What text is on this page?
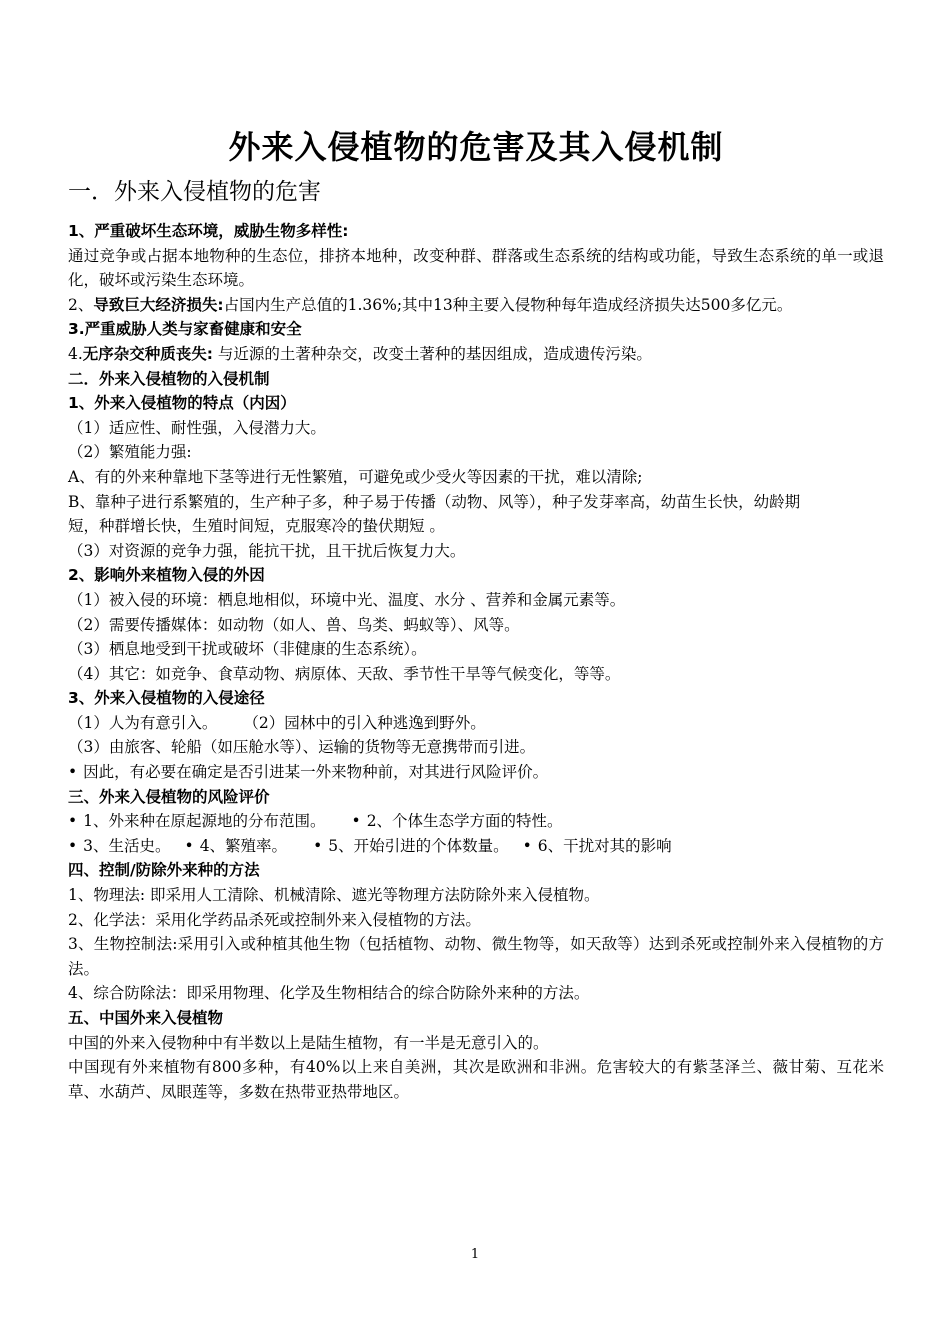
外来入侵植物的危害及其入侵机制
一．外来入侵植物的危害
1、严重破坏生态环境，威胁生物多样性:
通过竞争或占据本地物种的生态位，排挤本地种，改变种群、群落或生态系统的结构或功能，导致生态系统的单一或退化，破坏或污染生态环境。
2、导致巨大经济损失:占国内生产总值的1.36%;其中13种主要入侵物种每年造成经济损失达500多亿元。
3.严重威胁人类与家畜健康和安全
4.无序杂交种质丧失: 与近源的土著种杂交，改变土著种的基因组成，造成遗传污染。
二．外来入侵植物的入侵机制
1、外来入侵植物的特点（内因）
（1）适应性、耐性强，入侵潜力大。
（2）繁殖能力强:
A、有的外来种靠地下茎等进行无性繁殖，可避免或少受火等因素的干扰，难以清除;
B、靠种子进行系繁殖的，生产种子多，种子易于传播（动物、风等），种子发芽率高，幼苗生长快，幼龄期
短，种群增长快，生殖时间短，克服寒冷的蛰伏期短 。
（3）对资源的竞争力强，能抗干扰，且干扰后恢复力大。
2、影响外来植物入侵的外因
（1）被入侵的环境：栖息地相似，环境中光、温度、水分 、营养和金属元素等。
（2）需要传播媒体：如动物（如人、兽、鸟类、蚂蚁等）、风等。
（3）栖息地受到干扰或破坏（非健康的生态系统）。
（4）其它：如竞争、食草动物、病原体、天敌、季节性干旱等气候变化，等等。
3、外来入侵植物的入侵途径
（1）人为有意引入。 （2）园林中的引入种逃逸到野外。
（3）由旅客、轮船（如压舱水等）、运输的货物等无意携带而引进。
• 因此，有必要在确定是否引进某一外来物种前，对其进行风险评价。
三、外来入侵植物的风险评价
• 1、外来种在原起源地的分布范围。 • 2、个体生态学方面的特性。
• 3、生活史。 • 4、繁殖率。 • 5、开始引进的个体数量。 • 6、干扰对其的影响
四、控制/防除外来种的方法
1、物理法: 即采用人工清除、机械清除、遮光等物理方法防除外来入侵植物。
2、化学法：采用化学药品杀死或控制外来入侵植物的方法。
3、生物控制法:采用引入或种植其他生物（包括植物、动物、微生物等，如天敌等）达到杀死或控制外来入侵植物的方法。
4、综合防除法：即采用物理、化学及生物相结合的综合防除外来种的方法。
五、中国外来入侵植物
中国的外来入侵物种中有半数以上是陆生植物，有一半是无意引入的。
中国现有外来植物有800多种，有40%以上来自美洲，其次是欧洲和非洲。危害较大的有紫茎泽兰、薇甘菊、互花米草、水葫芦、凤眼莲等，多数在热带亚热带地区。
1
